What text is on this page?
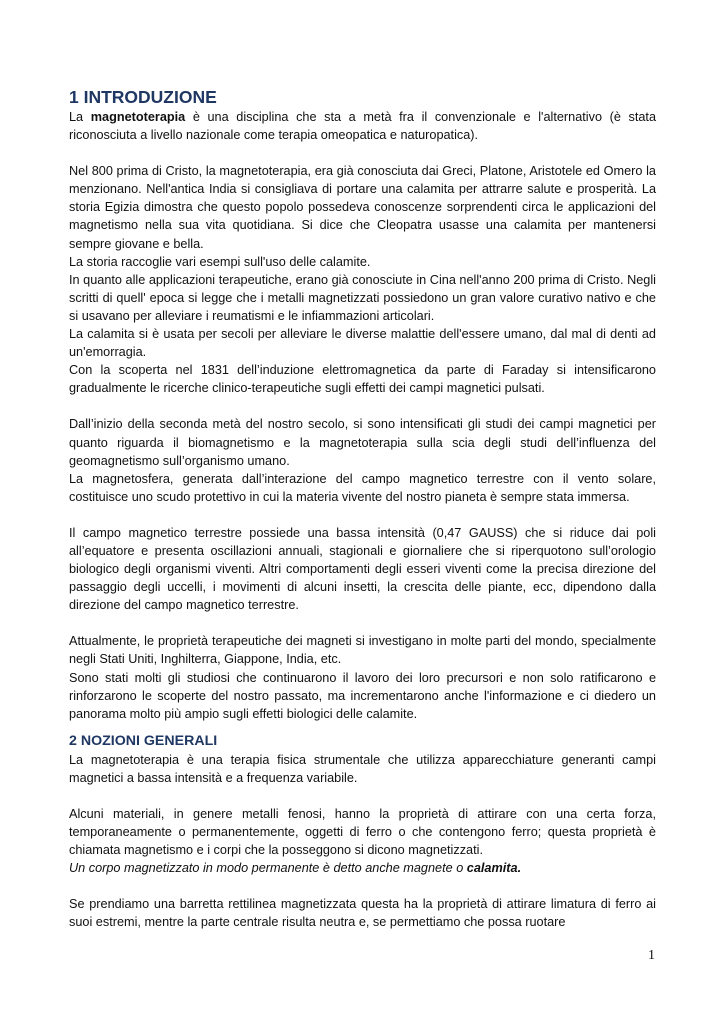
1 INTRODUZIONE

La magnetoterapia è una disciplina che sta a metà fra il convenzionale e l'alternativo (è stata riconosciuta a livello nazionale come terapia omeopatica e naturopatica).

Nel 800 prima di Cristo, la magnetoterapia, era già conosciuta dai Greci, Platone, Aristotele ed Omero la menzionano. Nell'antica India si consigliava di portare una calamita per attrarre salute e prosperità. La storia Egizia dimostra che questo popolo possedeva conoscenze sorprendenti circa le applicazioni del magnetismo nella sua vita quotidiana. Si dice che Cleopatra usasse una calamita per mantenersi sempre giovane e bella.

La storia raccoglie vari esempi sull'uso delle calamite.

In quanto alle applicazioni terapeutiche, erano già conosciute in Cina nell'anno 200 prima di Cristo. Negli scritti di quell' epoca si legge che i metalli magnetizzati possiedono un gran valore curativo nativo e che si usavano per alleviare i reumatismi e le infiammazioni articolari.

La calamita si è usata per secoli per alleviare le diverse malattie dell'essere umano, dal mal di denti ad un'emorragia.

Con la scoperta nel 1831 dell’induzione elettromagnetica da parte di Faraday si intensificarono gradualmente le ricerche clinico-terapeutiche sugli effetti dei campi magnetici pulsati.

Dall’inizio della seconda metà del nostro secolo, si sono intensificati gli studi dei campi magnetici per quanto riguarda il biomagnetismo e la magnetoterapia sulla scia degli studi dell’influenza del geomagnetismo sull’organismo umano.

La magnetosfera, generata dall’interazione del campo magnetico terrestre con il vento solare, costituisce uno scudo protettivo in cui la materia vivente del nostro pianeta è sempre stata immersa.

Il campo magnetico terrestre possiede una bassa intensità (0,47 GAUSS) che si riduce dai poli all’equatore e presenta oscillazioni annuali, stagionali e giornaliere che si riperquotono sull’orologio biologico degli organismi viventi. Altri comportamenti degli esseri viventi come la precisa direzione del passaggio degli uccelli, i movimenti di alcuni insetti, la crescita delle piante, ecc, dipendono dalla direzione del campo magnetico terrestre.

Attualmente, le proprietà terapeutiche dei magneti si investigano in molte parti del mondo, specialmente negli Stati Uniti, Inghilterra, Giappone, India, etc.

Sono stati molti gli studiosi che continuarono il lavoro dei loro precursori e non solo ratificarono e rinforzarono le scoperte del nostro passato, ma incrementarono anche l'informazione e ci diedero un panorama molto più ampio sugli effetti biologici delle calamite.

2 NOZIONI GENERALI

La magnetoterapia è una terapia fisica strumentale che utilizza apparecchiature generanti campi magnetici a bassa intensità e a frequenza variabile.

Alcuni materiali, in genere metalli fenosi, hanno la proprietà di attirare con una certa forza, temporaneamente o permanentemente, oggetti di ferro o che contengono ferro; questa proprietà è chiamata magnetismo e i corpi che la posseggono si dicono magnetizzati.

Un corpo magnetizzato in modo permanente è detto anche magnete o calamita.

Se prendiamo una barretta rettilinea magnetizzata questa ha la proprietà di attirare limatura di ferro ai suoi estremi, mentre la parte centrale risulta neutra e, se permettiamo che possa ruotare

1
